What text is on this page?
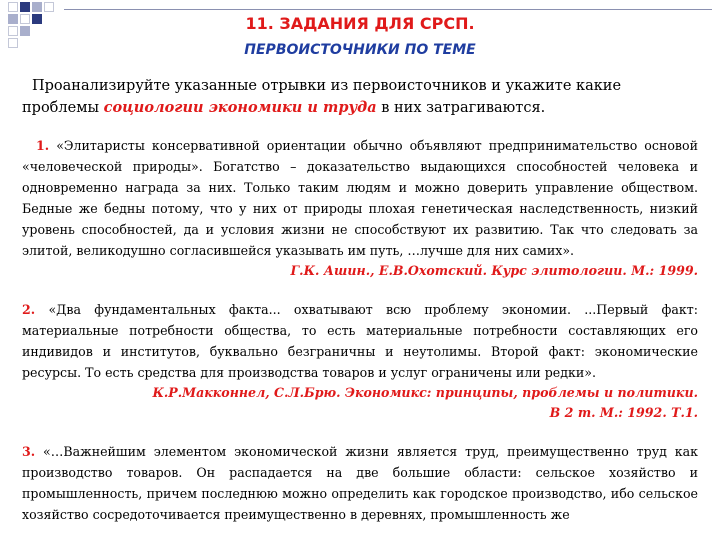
11. ЗАДАНИЯ ДЛЯ СРСП.
ПЕРВОИСТОЧНИКИ ПО ТЕМЕ

Проанализируйте указанные отрывки из первоисточников и укажите какие проблемы социологии экономики и труда в них затрагиваются.

1. «Элитаристы консервативной ориентации обычно объявляют предпринимательство основой «человеческой природы». Богатство – доказательство выдающихся способностей человека и одновременно награда за них. Только таким людям и можно доверить управление обществом. Бедные же бедны потому, что у них от природы плохая генетическая наследственность, низкий уровень способностей, да и условия жизни не способствуют их развитию. Так что следовать за элитой, великодушно согласившейся указывать им путь, …лучше для них самих».

Г.К. Ашин., Е.В.Охотский. Курс элитологии. М.: 1999.

2. «Два фундаментальных факта... охватывают всю проблему экономии. ...Первый факт: материальные потребности общества, то есть материальные потребности составляющих его индивидов и институтов, буквально безграничны и неутолимы. Второй факт: экономические ресурсы. То есть средства для производства товаров и услуг ограничены или редки».

К.Р.Макконнел, С.Л.Брю. Экономикс: принципы, проблемы и политики.

В 2 т. М.: 1992. Т.1.

3. «…Важнейшим элементом экономической жизни является труд, преимущественно труд как производство товаров. Он распадается на две большие области: сельское хозяйство и промышленность, причем последнюю можно определить как городское производство, ибо сельское хозяйство сосредоточивается преимущественно в деревнях, промышленность же
